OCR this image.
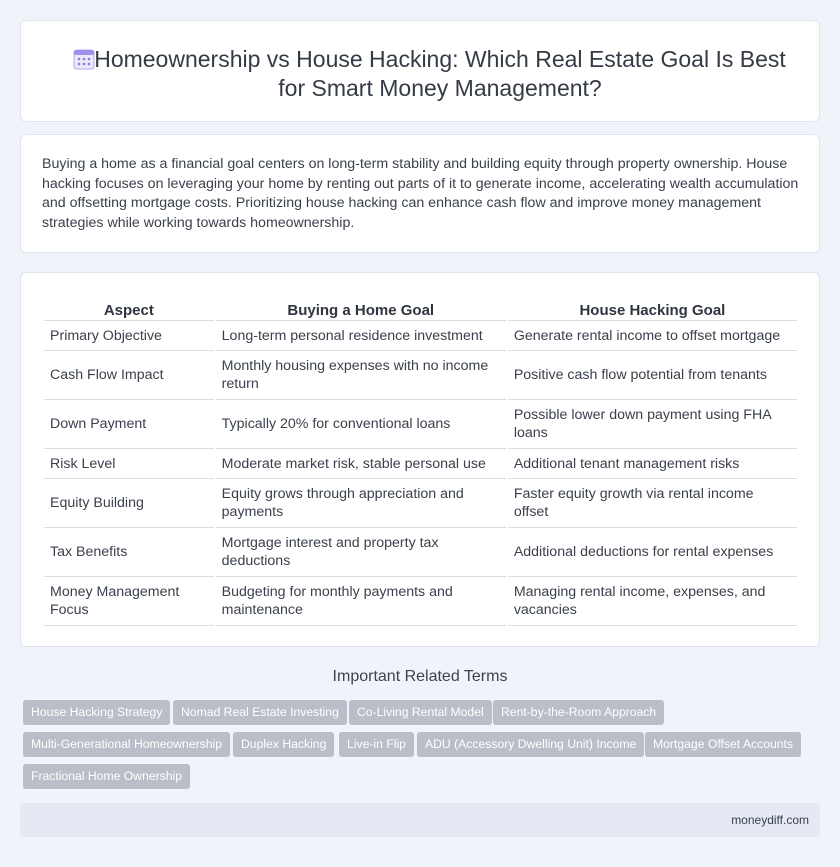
Homeownership vs House Hacking: Which Real Estate Goal Is Best for Smart Money Management?

Buying a home as a financial goal centers on long-term stability and building equity through property ownership. House hacking focuses on leveraging your home by renting out parts of it to generate income, accelerating wealth accumulation and offsetting mortgage costs. Prioritizing house hacking can enhance cash flow and improve money management strategies while working towards homeownership.

Aspect	Buying a Home Goal	House Hacking Goal
Primary Objective	Long-term personal residence investment	Generate rental income to offset mortgage
Cash Flow Impact	Monthly housing expenses with no income return	Positive cash flow potential from tenants
Down Payment	Typically 20% for conventional loans	Possible lower down payment using FHA loans
Risk Level	Moderate market risk, stable personal use	Additional tenant management risks
Equity Building	Equity grows through appreciation and payments	Faster equity growth via rental income offset
Tax Benefits	Mortgage interest and property tax deductions	Additional deductions for rental expenses
Money Management Focus	Budgeting for monthly payments and maintenance	Managing rental income, expenses, and vacancies
Important Related Terms
House Hacking Strategy	Nomad Real Estate Investing	Co-Living Rental Model	Rent-by-the-Room Approach
Multi-Generational Homeownership	Duplex Hacking	Live-in Flip	ADU (Accessory Dwelling Unit) Income	Mortgage Offset Accounts
Fractional Home Ownership
moneydiff.com
